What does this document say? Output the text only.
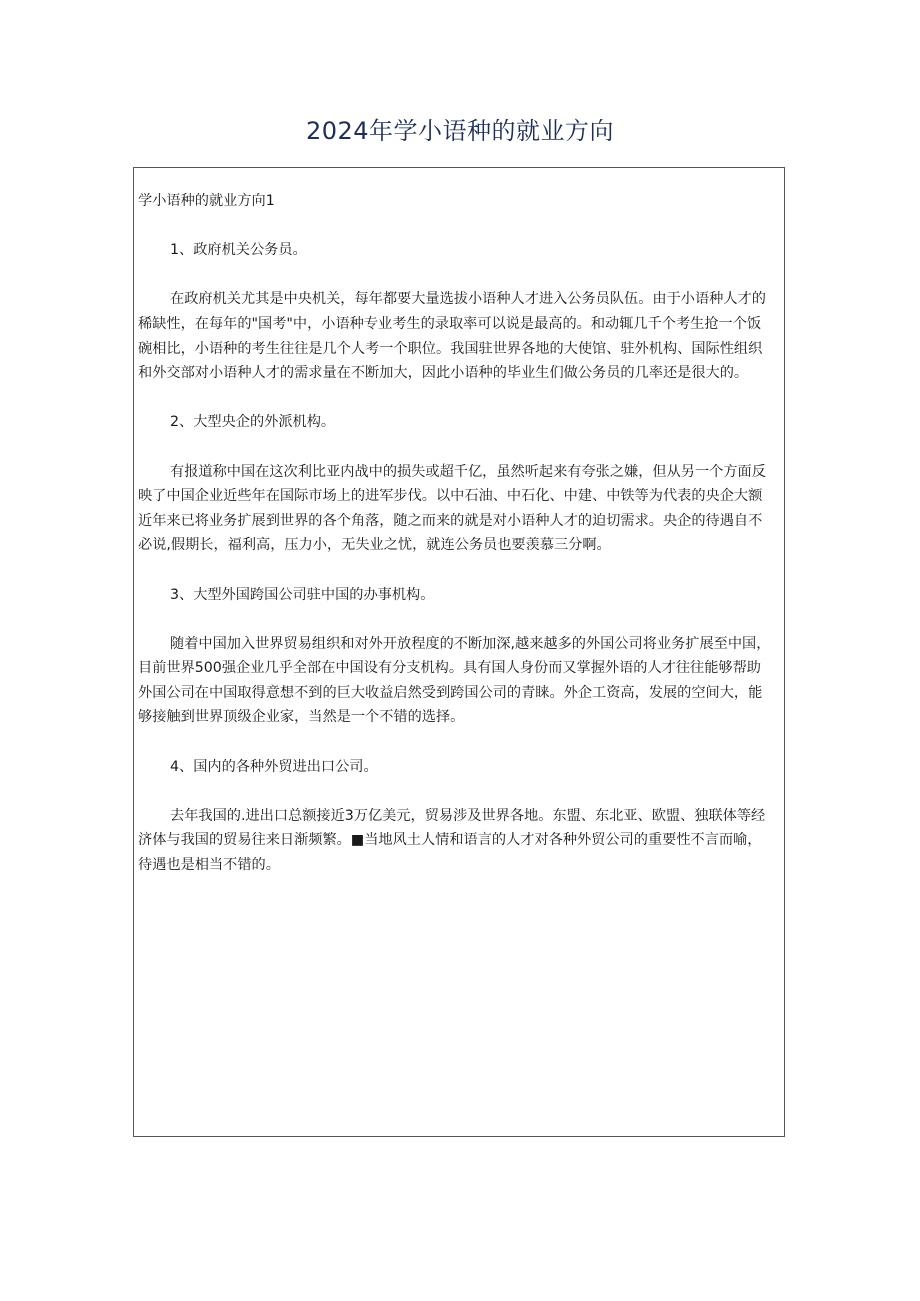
2024年学小语种的就业方向
学小语种的就业方向1
1、政府机关公务员。
在政府机关尤其是中央机关，每年都要大量选拔小语种人才进入公务员队伍。由于小语种人才的
稀缺性，在每年的"国考"中，小语种专业考生的录取率可以说是最高的。和动辄几千个考生抢一个饭
碗相比，小语种的考生往往是几个人考一个职位。我国驻世界各地的大使馆、驻外机构、国际性组织
和外交部对小语种人才的需求量在不断加大，因此小语种的毕业生们做公务员的几率还是很大的。
2、大型央企的外派机构。
有报道称中国在这次利比亚内战中的损失或超千亿，虽然听起来有夸张之嫌，但从另一个方面反
映了中国企业近些年在国际市场上的进军步伐。以中石油、中石化、中建、中铁等为代表的央企大额
近年来已将业务扩展到世界的各个角落，随之而来的就是对小语种人才的迫切需求。央企的待遇自不
必说,假期长，福利高，压力小，无失业之忧，就连公务员也要羡慕三分啊。
3、大型外国跨国公司驻中国的办事机构。
随着中国加入世界贸易组织和对外开放程度的不断加深,越来越多的外国公司将业务扩展至中国，
目前世界500强企业几乎全部在中国设有分支机构。具有国人身份而又掌握外语的人才往往能够帮助
外国公司在中国取得意想不到的巨大收益启然受到跨国公司的青睐。外企工资高，发展的空间大，能
够接触到世界顶级企业家，当然是一个不错的选择。
4、国内的各种外贸进出口公司。
去年我国的.进出口总额接近3万亿美元，贸易涉及世界各地。东盟、东北亚、欧盟、独联体等经
济体与我国的贸易往来日渐频繁。■当地风土人情和语言的人才对各种外贸公司的重要性不言而喻，
待遇也是相当不错的。
